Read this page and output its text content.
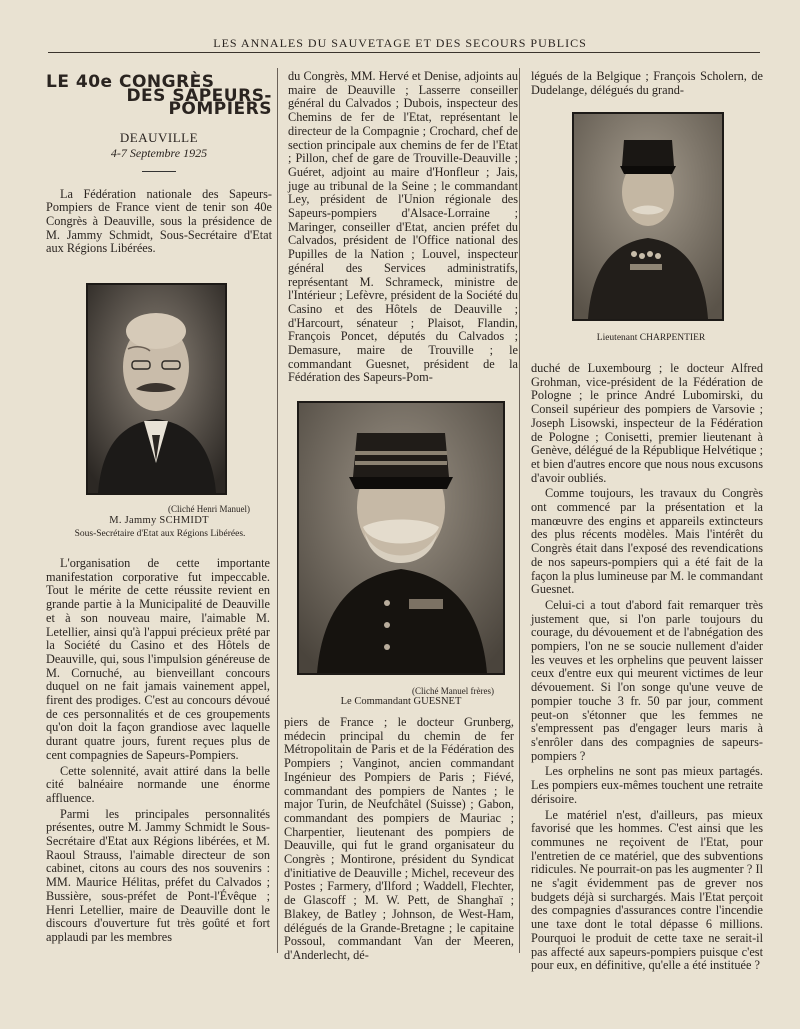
LES ANNALES DU SAUVETAGE ET DES SECOURS PUBLICS
LE 40e CONGRÈS
DES SAPEURS-POMPIERS
DEAUVILLE
4-7 Septembre 1925

La Fédération nationale des Sapeurs-Pompiers de France vient de tenir son 40e Congrès à Deauville, sous la présidence de M. Jammy Schmidt, Sous-Secrétaire d'Etat aux Régions Libérées.

(Cliché Henri Manuel)
M. Jammy SCHMIDT
Sous-Secrétaire d'Etat aux Régions Libérées.

L'organisation de cette importante manifestation corporative fut impeccable. Tout le mérite de cette réussite revient en grande partie à la Municipalité de Deauville et à son nouveau maire, l'aimable M. Letellier, ainsi qu'à l'appui précieux prêté par la Société du Casino et des Hôtels de Deauville, qui, sous l'impulsion généreuse de M. Cornuché, au bienveillant concours duquel on ne fait jamais vainement appel, firent des prodiges. C'est au concours dévoué de ces personnalités et de ces groupements qu'on doit la façon grandiose avec laquelle durant quatre jours, furent reçues plus de cent compagnies de Sapeurs-Pompiers.

Cette solennité, avait attiré dans la belle cité balnéaire normande une énorme affluence.

Parmi les principales personnalités présentes, outre M. Jammy Schmidt le Sous-Secrétaire d'Etat aux Régions libérées, et M. Raoul Strauss, l'aimable directeur de son cabinet, citons au cours des nos souvenirs : MM. Maurice Hélitas, préfet du Calvados ; Bussière, sous-préfet de Pont-l'Évêque ; Henri Letellier, maire de Deauville dont le discours d'ouverture fut très goûté et fort applaudi par les membres

du Congrès, MM. Hervé et Denise, adjoints au maire de Deauville ; Lasserre conseiller général du Calvados ; Dubois, inspecteur des Chemins de fer de l'Etat, représentant le directeur de la Compagnie ; Crochard, chef de section principale aux chemins de fer de l'Etat ; Pillon, chef de gare de Trouville-Deauville ; Guéret, adjoint au maire d'Honfleur ; Jais, juge au tribunal de la Seine ; le commandant Ley, président de l'Union régionale des Sapeurs-pompiers d'Alsace-Lorraine ; Maringer, conseiller d'Etat, ancien préfet du Calvados, président de l'Office national des Pupilles de la Nation ; Louvel, inspecteur général des Services administratifs, représentant M. Schrameck, ministre de l'Intérieur ; Lefèvre, président de la Société du Casino et des Hôtels de Deauville ; d'Harcourt, sénateur ; Plaisot, Flandin, François Poncet, députés du Calvados ; Demasure, maire de Trouville ; le commandant Guesnet, président de la Fédération des Sapeurs-Pom-

(Cliché Manuel frères)
Le Commandant GUESNET

piers de France ; le docteur Grunberg, médecin principal du chemin de fer Métropolitain de Paris et de la Fédération des Pompiers ; Vanginot, ancien commandant Ingénieur des Pompiers de Paris ; Fiévé, commandant des pompiers de Nantes ; le major Turin, de Neufchâtel (Suisse) ; Gabon, commandant des pompiers de Mauriac ; Charpentier, lieutenant des pompiers de Deauville, qui fut le grand organisateur du Congrès ; Montirone, président du Syndicat d'initiative de Deauville ; Michel, receveur des Postes ; Farmery, d'Ilford ; Waddell, Flechter, de Glascoff ; M. W. Pett, de Shanghaï ; Blakey, de Batley ; Johnson, de West-Ham, délégués de la Grande-Bretagne ; le capitaine Possoul, commandant Van der Meeren, d'Anderlecht, dé-

légués de la Belgique ; François Scholern, de Dudelange, délégués du grand-

Lieutenant CHARPENTIER

duché de Luxembourg ; le docteur Alfred Grohman, vice-président de la Fédération de Pologne ; le prince André Lubomirski, du Conseil supérieur des pompiers de Varsovie ; Joseph Lisowski, inspecteur de la Fédération de Pologne ; Conisetti, premier lieutenant à Genève, délégué de la République Helvétique ; et bien d'autres encore que nous nous excusons d'avoir oubliés.

Comme toujours, les travaux du Congrès ont commencé par la présentation et la manœuvre des engins et appareils extincteurs des plus récents modèles. Mais l'intérêt du Congrès était dans l'exposé des revendications de nos sapeurs-pompiers qui a été fait de la façon la plus lumineuse par M. le commandant Guesnet.

Celui-ci a tout d'abord fait remarquer très justement que, si l'on parle toujours du courage, du dévouement et de l'abnégation des pompiers, l'on ne se soucie nullement d'aider les veuves et les orphelins que peuvent laisser ceux d'entre eux qui meurent victimes de leur dévouement. Si l'on songe qu'une veuve de pompier touche 3 fr. 50 par jour, comment peut-on s'étonner que les femmes ne s'empressent pas d'engager leurs maris à s'enrôler dans des compagnies de sapeurs-pompiers ?

Les orphelins ne sont pas mieux partagés. Les pompiers eux-mêmes touchent une retraite dérisoire.

Le matériel n'est, d'ailleurs, pas mieux favorisé que les hommes. C'est ainsi que les communes ne reçoivent de l'Etat, pour l'entretien de ce matériel, que des subventions ridicules. Ne pourrait-on pas les augmenter ? Il ne s'agit évidemment pas de grever nos budgets déjà si surchargés. Mais l'Etat perçoit des compagnies d'assurances contre l'incendie une taxe dont le total dépasse 6 millions. Pourquoi le produit de cette taxe ne serait-il pas affecté aux sapeurs-pompiers puisque c'est pour eux, en définitive, qu'elle a été instituée ?
